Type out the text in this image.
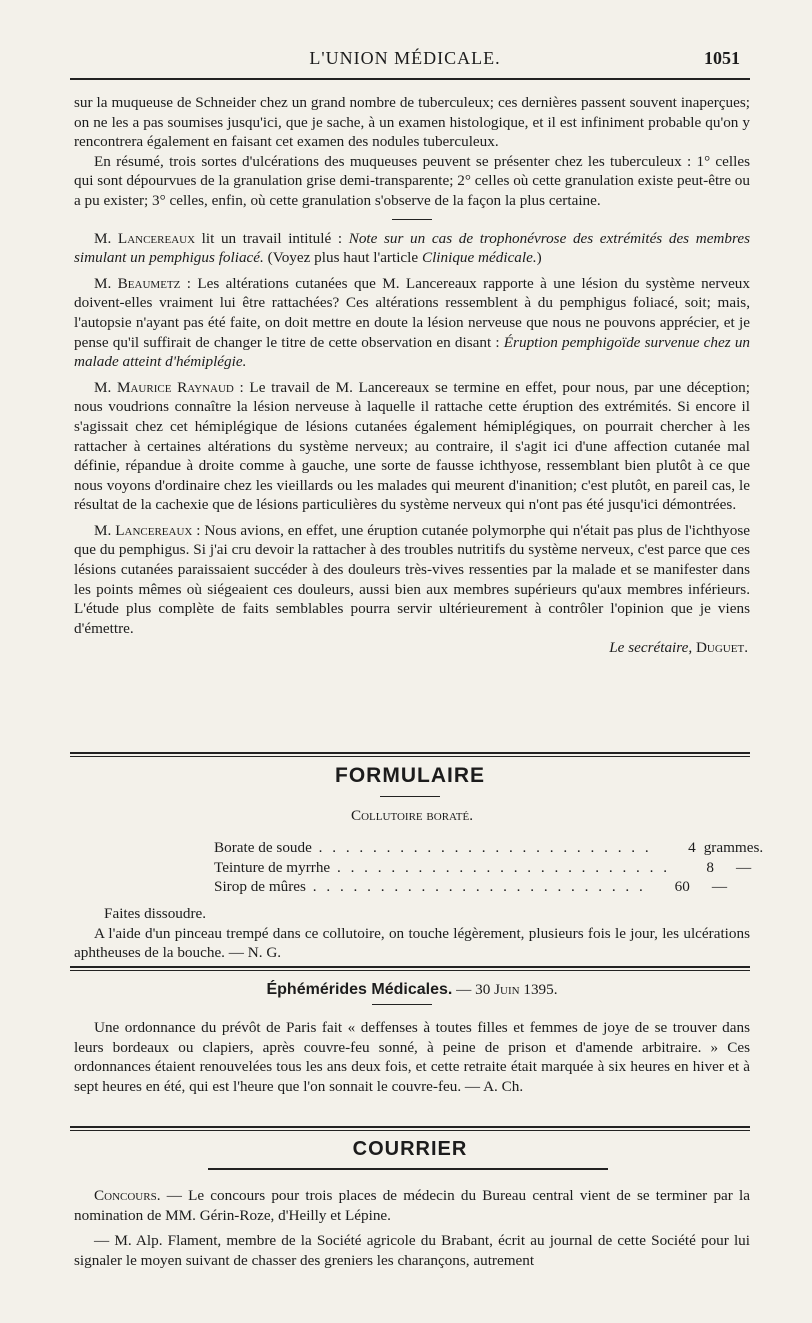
L'UNION MÉDICALE.	1051

sur la muqueuse de Schneider chez un grand nombre de tuberculeux; ces dernières passent souvent inaperçues; on ne les a pas soumises jusqu'ici, que je sache, à un examen histologique, et il est infiniment probable qu'on y rencontrera également en faisant cet examen des nodules tuberculeux.

En résumé, trois sortes d'ulcérations des muqueuses peuvent se présenter chez les tuberculeux : 1° celles qui sont dépourvues de la granulation grise demi-transparente; 2° celles où cette granulation existe peut-être ou a pu exister; 3° celles, enfin, où cette granulation s'observe de la façon la plus certaine.

M. Lancereaux lit un travail intitulé : Note sur un cas de trophonévrose des extrémités des membres simulant un pemphigus foliacé. (Voyez plus haut l'article Clinique médicale.)

M. Beaumetz : Les altérations cutanées que M. Lancereaux rapporte à une lésion du système nerveux doivent-elles vraiment lui être rattachées? Ces altérations ressemblent à du pemphigus foliacé, soit; mais, l'autopsie n'ayant pas été faite, on doit mettre en doute la lésion nerveuse que nous ne pouvons apprécier, et je pense qu'il suffirait de changer le titre de cette observation en disant : Éruption pemphigoïde survenue chez un malade atteint d'hémiplégie.

M. Maurice Raynaud : Le travail de M. Lancereaux se termine en effet, pour nous, par une déception; nous voudrions connaître la lésion nerveuse à laquelle il rattache cette éruption des extrémités. Si encore il s'agissait chez cet hémiplégique de lésions cutanées également hémiplégiques, on pourrait chercher à les rattacher à certaines altérations du système nerveux; au contraire, il s'agit ici d'une affection cutanée mal définie, répandue à droite comme à gauche, une sorte de fausse ichthyose, ressemblant bien plutôt à ce que nous voyons d'ordinaire chez les vieillards ou les malades qui meurent d'inanition; c'est plutôt, en pareil cas, le résultat de la cachexie que de lésions particulières du système nerveux qui n'ont pas été jusqu'ici démontrées.

M. Lancereaux : Nous avions, en effet, une éruption cutanée polymorphe qui n'était pas plus de l'ichthyose que du pemphigus. Si j'ai cru devoir la rattacher à des troubles nutritifs du système nerveux, c'est parce que ces lésions cutanées paraissaient succéder à des douleurs très-vives ressenties par la malade et se manifester dans les points mêmes où siégeaient ces douleurs, aussi bien aux membres supérieurs qu'aux membres inférieurs. L'étude plus complète de faits semblables pourra servir ultérieurement à contrôler l'opinion que je viens d'émettre.

Le secrétaire, Duguet.

FORMULAIRE
Collutoire boraté.
Borate de soude . . . . . . . . . . . . . . . . . . . . . . . . .	4 grammes.
Teinture de myrrhe . . . . . . . . . . . . . . . . . . . . . . . . .	8	—
Sirop de mûres . . . . . . . . . . . . . . . . . . . . . . . . .	60	—

Faites dissoudre.

A l'aide d'un pinceau trempé dans ce collutoire, on touche légèrement, plusieurs fois le jour, les ulcérations aphtheuses de la bouche. — N. G.

Éphémérides Médicales. — 30 Juin 1395.

Une ordonnance du prévôt de Paris fait « deffenses à toutes filles et femmes de joye de se trouver dans leurs bordeaux ou clapiers, après couvre-feu sonné, à peine de prison et d'amende arbitraire. » Ces ordonnances étaient renouvelées tous les ans deux fois, et cette retraite était marquée à six heures en hiver et à sept heures en été, qui est l'heure que l'on sonnait le couvre-feu. — A. Ch.

COURRIER

Concours. — Le concours pour trois places de médecin du Bureau central vient de se terminer par la nomination de MM. Gérin-Roze, d'Heilly et Lépine.

— M. Alp. Flament, membre de la Société agricole du Brabant, écrit au journal de cette Société pour lui signaler le moyen suivant de chasser des greniers les charançons, autrement
